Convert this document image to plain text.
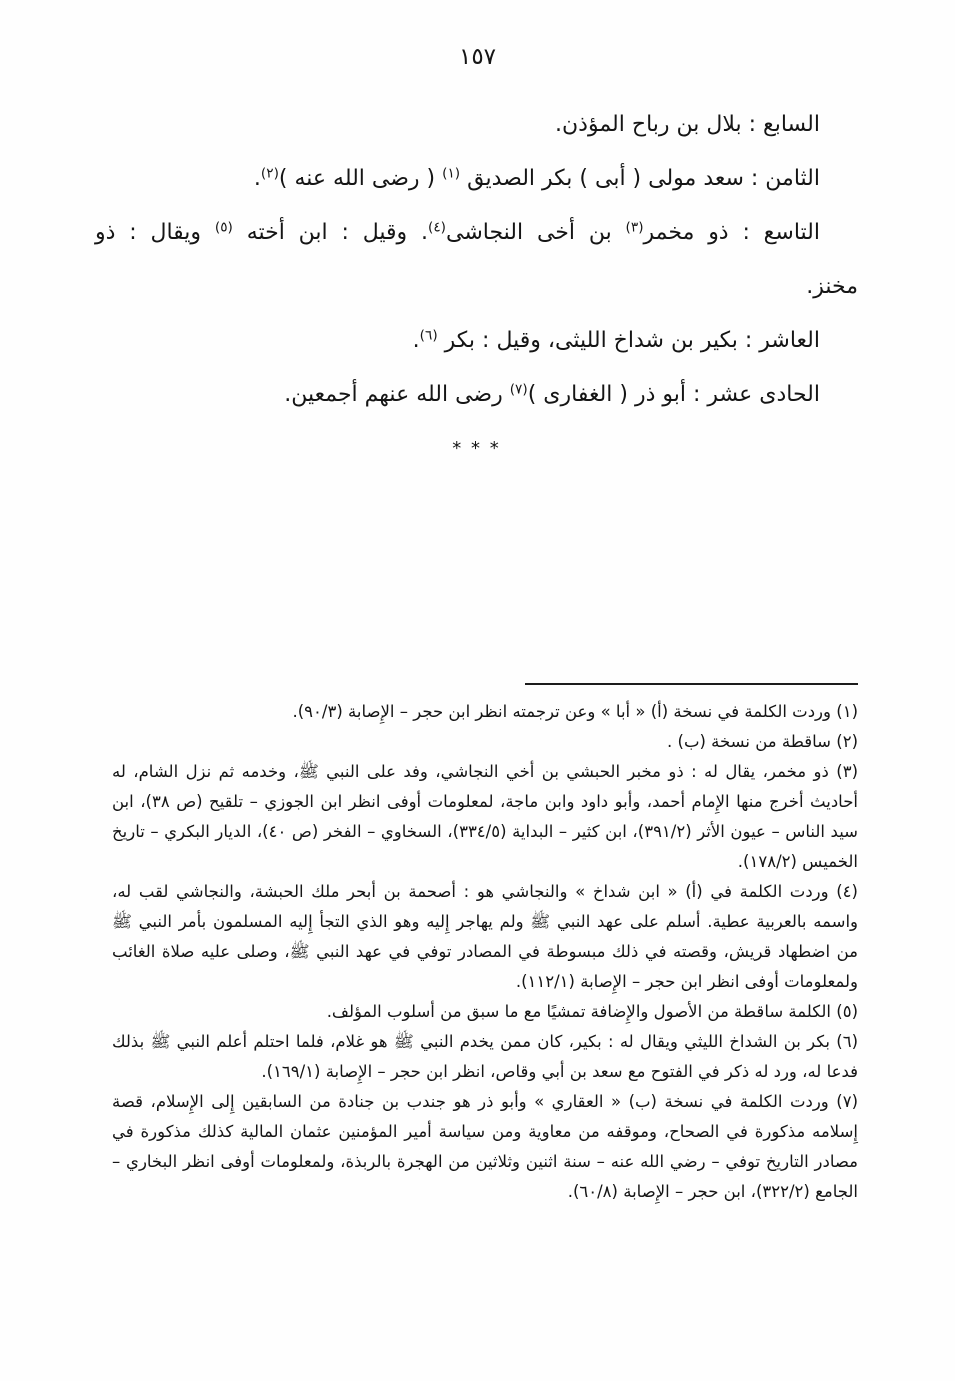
١٥٧
السابع : بلال بن رباح المؤذن.
الثامن : سعد مولى ( أبى ) بكر الصديق $^{(١)}$ ( رضى الله عنه )$^{(٢)}$.
التاسع : ذو مخمر$^{(٣)}$ بن أخى النجاشى$^{(٤)}$. وقيل : ابن أخته $^{(٥)}$ ويقال : ذو
مخنز.
العاشر : بكير بن شداخ الليثى، وقيل : بكر $^{(٦)}$.
الحادى عشر : أبو ذر ( الغفارى )$^{(٧)}$ رضى الله عنهم أجمعين.
* * *

(١) وردت الكلمة في نسخة (أ) « أبا » وعن ترجمته انظر ابن حجر – الإِصابة (٩٠/٣).

(٢) ساقطة من نسخة (ب) .

(٣) ذو مخمر، يقال له : ذو مخبر الحبشي بن أخي النجاشي، وفد على النبي ﷺ، وخدمه ثم نزل الشام، له أحاديث أخرج منها الإِمام أحمد، وأبو داود وابن ماجة، لمعلومات أوفى انظر ابن الجوزي – تلقيح (ص ٣٨)، ابن سيد الناس – عيون الأثر (٣٩١/٢)، ابن كثير – البداية (٣٣٤/٥)، السخاوي – الفخر (ص ٤٠)، الديار البكري – تاريخ الخميس (١٧٨/٢).

(٤) وردت الكلمة في (أ) « ابن شداخ » والنجاشي هو : أصحمة بن أبحر ملك الحبشة، والنجاشي لقب له، واسمه بالعربية عطية. أسلم على عهد النبي ﷺ ولم يهاجر إِليه وهو الذي التجأ إِليه المسلمون بأمر النبي ﷺ من اضطهاد قريش، وقصته في ذلك مبسوطة في المصادر توفي في عهد النبي ﷺ، وصلى عليه صلاة الغائب ولمعلومات أوفى انظر ابن حجر – الإِصابة (١١٢/١).

(٥) الكلمة ساقطة من الأصول والإِضافة تمشيًا مع ما سبق من أسلوب المؤلف.

(٦) بكر بن الشداخ الليثي ويقال له : بكير، كان ممن يخدم النبي ﷺ هو غلام، فلما احتلم أعلم النبي ﷺ بذلك فدعا له، ورد له ذكر في الفتوح مع سعد بن أبي وقاص، انظر ابن حجر – الإِصابة (١٦٩/١).

(٧) وردت الكلمة في نسخة (ب) « العقاري » وأبو ذر هو جندب بن جنادة من السابقين إِلى الإِسلام، قصة إِسلامه مذكورة في الصحاح، وموقفه من معاوية ومن سياسة أمير المؤمنين عثمان المالية كذلك مذكورة في مصادر التاريخ توفي – رضي الله عنه – سنة اثنين وثلاثين من الهجرة بالربذة، ولمعلومات أوفى انظر البخاري – الجامع (٣٢٢/٢)، ابن حجر – الإِصابة (٦٠/٨).
